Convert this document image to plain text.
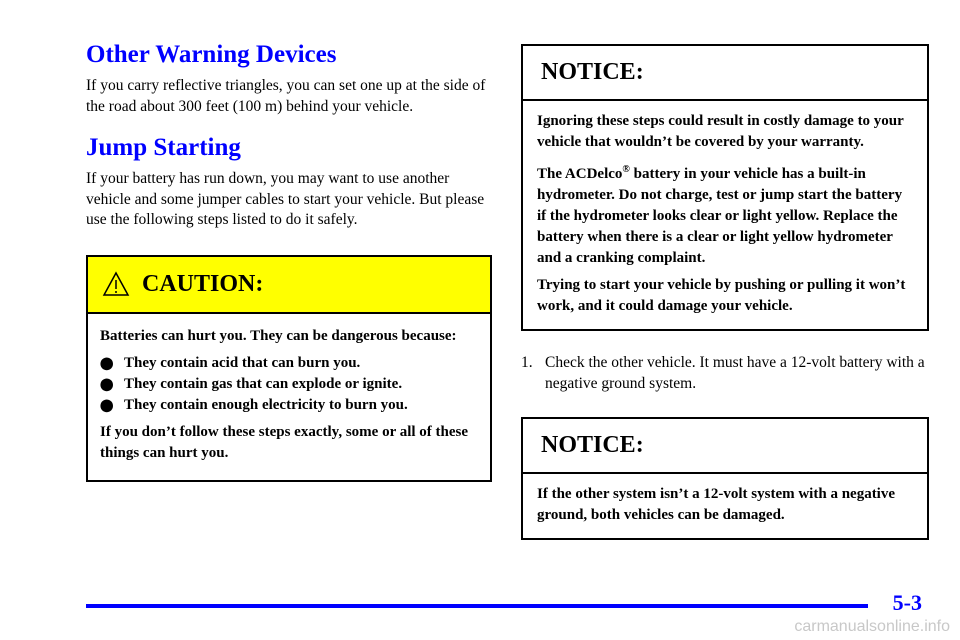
Other Warning Devices

If you carry reflective triangles, you can set one up at the side of the road about 300 feet (100 m) behind your vehicle.

Jump Starting

If your battery has run down, you may want to use another vehicle and some jumper cables to start your vehicle. But please use the following steps listed to do it safely.

CAUTION:

Batteries can hurt you. They can be dangerous because:

⬤ They contain acid that can burn you.
⬤ They contain gas that can explode or ignite.
⬤ They contain enough electricity to burn you.

If you don’t follow these steps exactly, some or all of these things can hurt you.

NOTICE:

Ignoring these steps could result in costly damage to your vehicle that wouldn’t be covered by your warranty.

The ACDelco® battery in your vehicle has a built-in hydrometer. Do not charge, test or jump start the battery if the hydrometer looks clear or light yellow. Replace the battery when there is a clear or light yellow hydrometer and a cranking complaint.

Trying to start your vehicle by pushing or pulling it won’t work, and it could damage your vehicle.

1. Check the other vehicle. It must have a 12-volt battery with a negative ground system.
NOTICE:

If the other system isn’t a 12-volt system with a negative ground, both vehicles can be damaged.

5-3
carmanualsonline.info
